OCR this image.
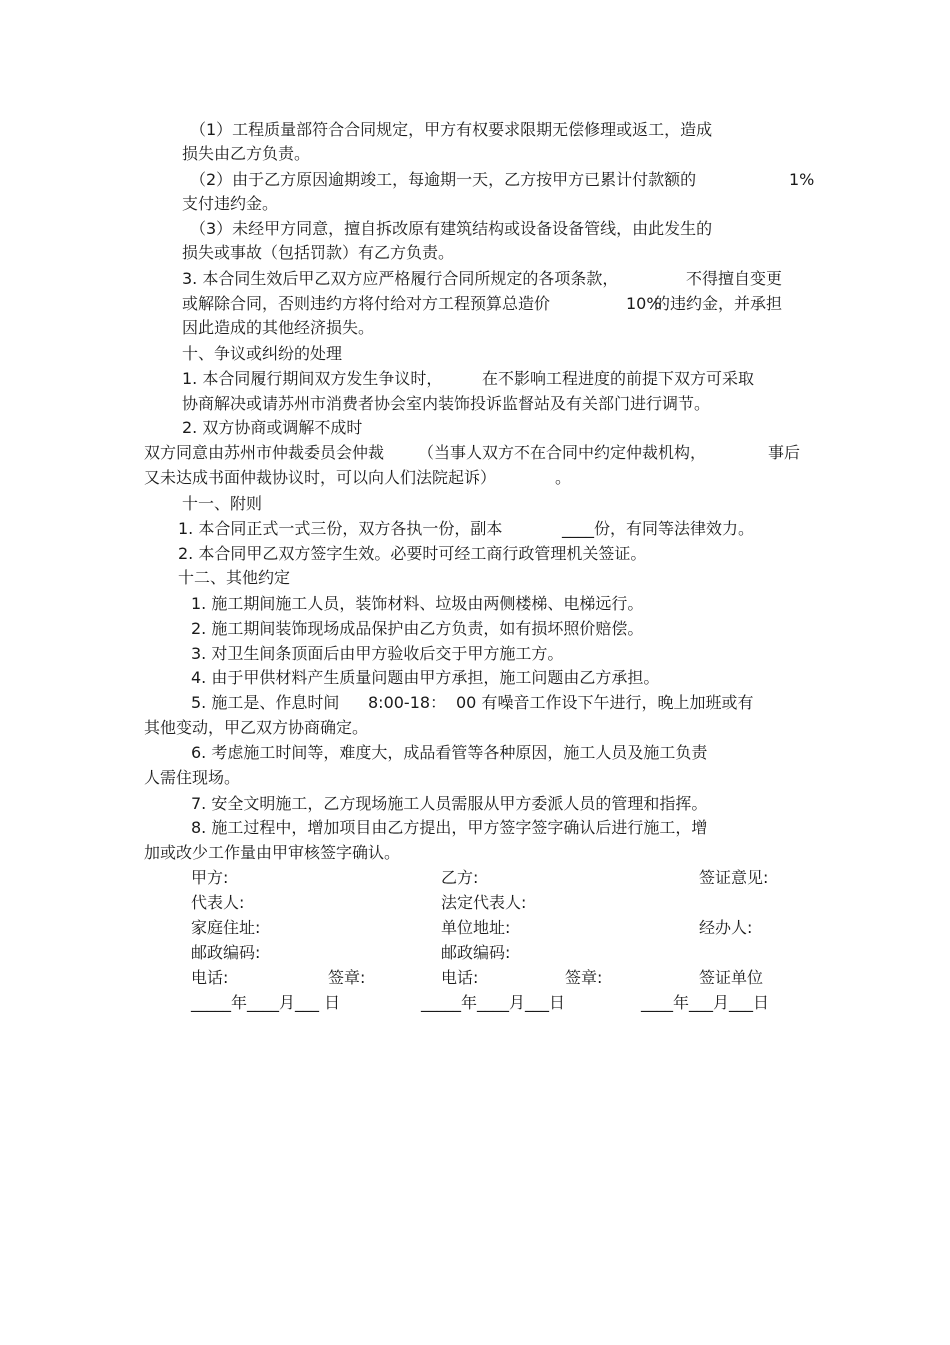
（1）工程质量部符合合同规定，甲方有权要求限期无偿修理或返工，造成

损失由乙方负责。

（2）由于乙方原因逾期竣工，每逾期一天，乙方按甲方已累计付款额的	1%

支付违约金。

（3）未经甲方同意，擅自拆改原有建筑结构或设备设备管线，由此发生的

损失或事故（包括罚款）有乙方负责。

3. 本合同生效后甲乙双方应严格履行合同所规定的各项条款，	不得擅自变更

或解除合同，否则违约方将付给对方工程预算总造价	10%
的违约金，并承担

因此造成的其他经济损失。

十、争议或纠纷的处理

1. 本合同履行期间双方发生争议时， 在不影响工程进度的前提下双方可采取

协商解决或请苏州市消费者协会室内装饰投诉监督站及有关部门进行调节。

2. 双方协商或调解不成时

双方同意由苏州市仲裁委员会仲裁 （当事人双方不在合同中约定仲裁机构，	事后

又未达成书面仲裁协议时，可以向人们法院起诉）	。

十一、附则

1. 本合同正式一式三份，双方各执一份，副本	____份，有同等法律效力。

2. 本合同甲乙双方签字生效。必要时可经工商行政管理机关签证。

十二、其他约定

1. 施工期间施工人员，装饰材料、垃圾由两侧楼梯、电梯远行。

2. 施工期间装饰现场成品保护由乙方负责，如有损坏照价赔偿。

3. 对卫生间条顶面后由甲方验收后交于甲方施工方。

4. 由于甲供材料产生质量问题由甲方承担，施工问题由乙方承担。

5. 施工是、作息时间 8:00-18： 00 有噪音工作设下午进行，晚上加班或有

其他变动，甲乙双方协商确定。

6. 考虑施工时间等，难度大，成品看管等各种原因，施工人员及施工负责

人需住现场。

7. 安全文明施工，乙方现场施工人员需服从甲方委派人员的管理和指挥。

8. 施工过程中，增加项目由乙方提出，甲方签字签字确认后进行施工，增

加或改少工作量由甲审核签字确认。

甲方:	乙方:	签证意见:
代表人:	法定代表人:
家庭住址:	单位地址:	经办人:
邮政编码:	邮政编码:
电话:	签章:	电话:	签章:	签证单位
_____年____月___ 日	_____年____月___日	____年___月___日
